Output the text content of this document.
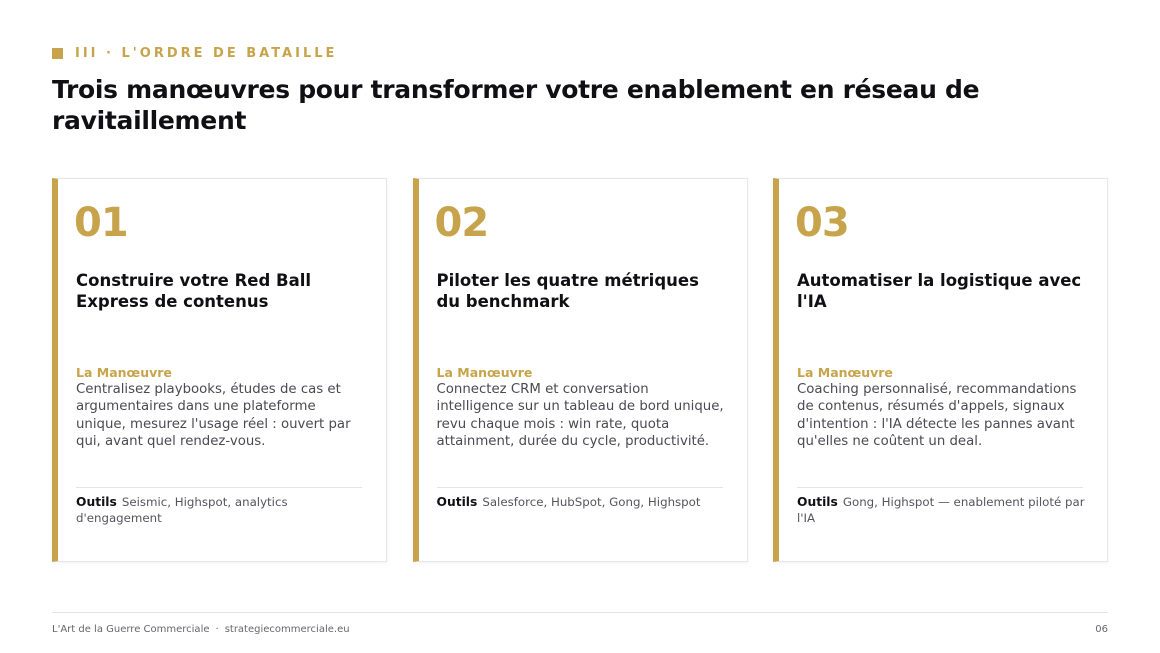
III · L'ORDRE DE BATAILLE
Trois manœuvres pour transformer votre enablement en réseau de ravitaillement
01
Construire votre Red Ball Express de contenus
La Manœuvre
Centralisez playbooks, études de cas et argumentaires dans une plateforme unique, mesurez l'usage réel : ouvert par qui, avant quel rendez-vous.
Outils Seismic, Highspot, analytics d'engagement
02
Piloter les quatre métriques du benchmark
La Manœuvre
Connectez CRM et conversation intelligence sur un tableau de bord unique, revu chaque mois : win rate, quota attainment, durée du cycle, productivité.
Outils Salesforce, HubSpot, Gong, Highspot
03
Automatiser la logistique avec l'IA
La Manœuvre
Coaching personnalisé, recommandations de contenus, résumés d'appels, signaux d'intention : l'IA détecte les pannes avant qu'elles ne coûtent un deal.
Outils Gong, Highspot — enablement piloté par l'IA
L'Art de la Guerre Commerciale · strategiecommerciale.eu	06
